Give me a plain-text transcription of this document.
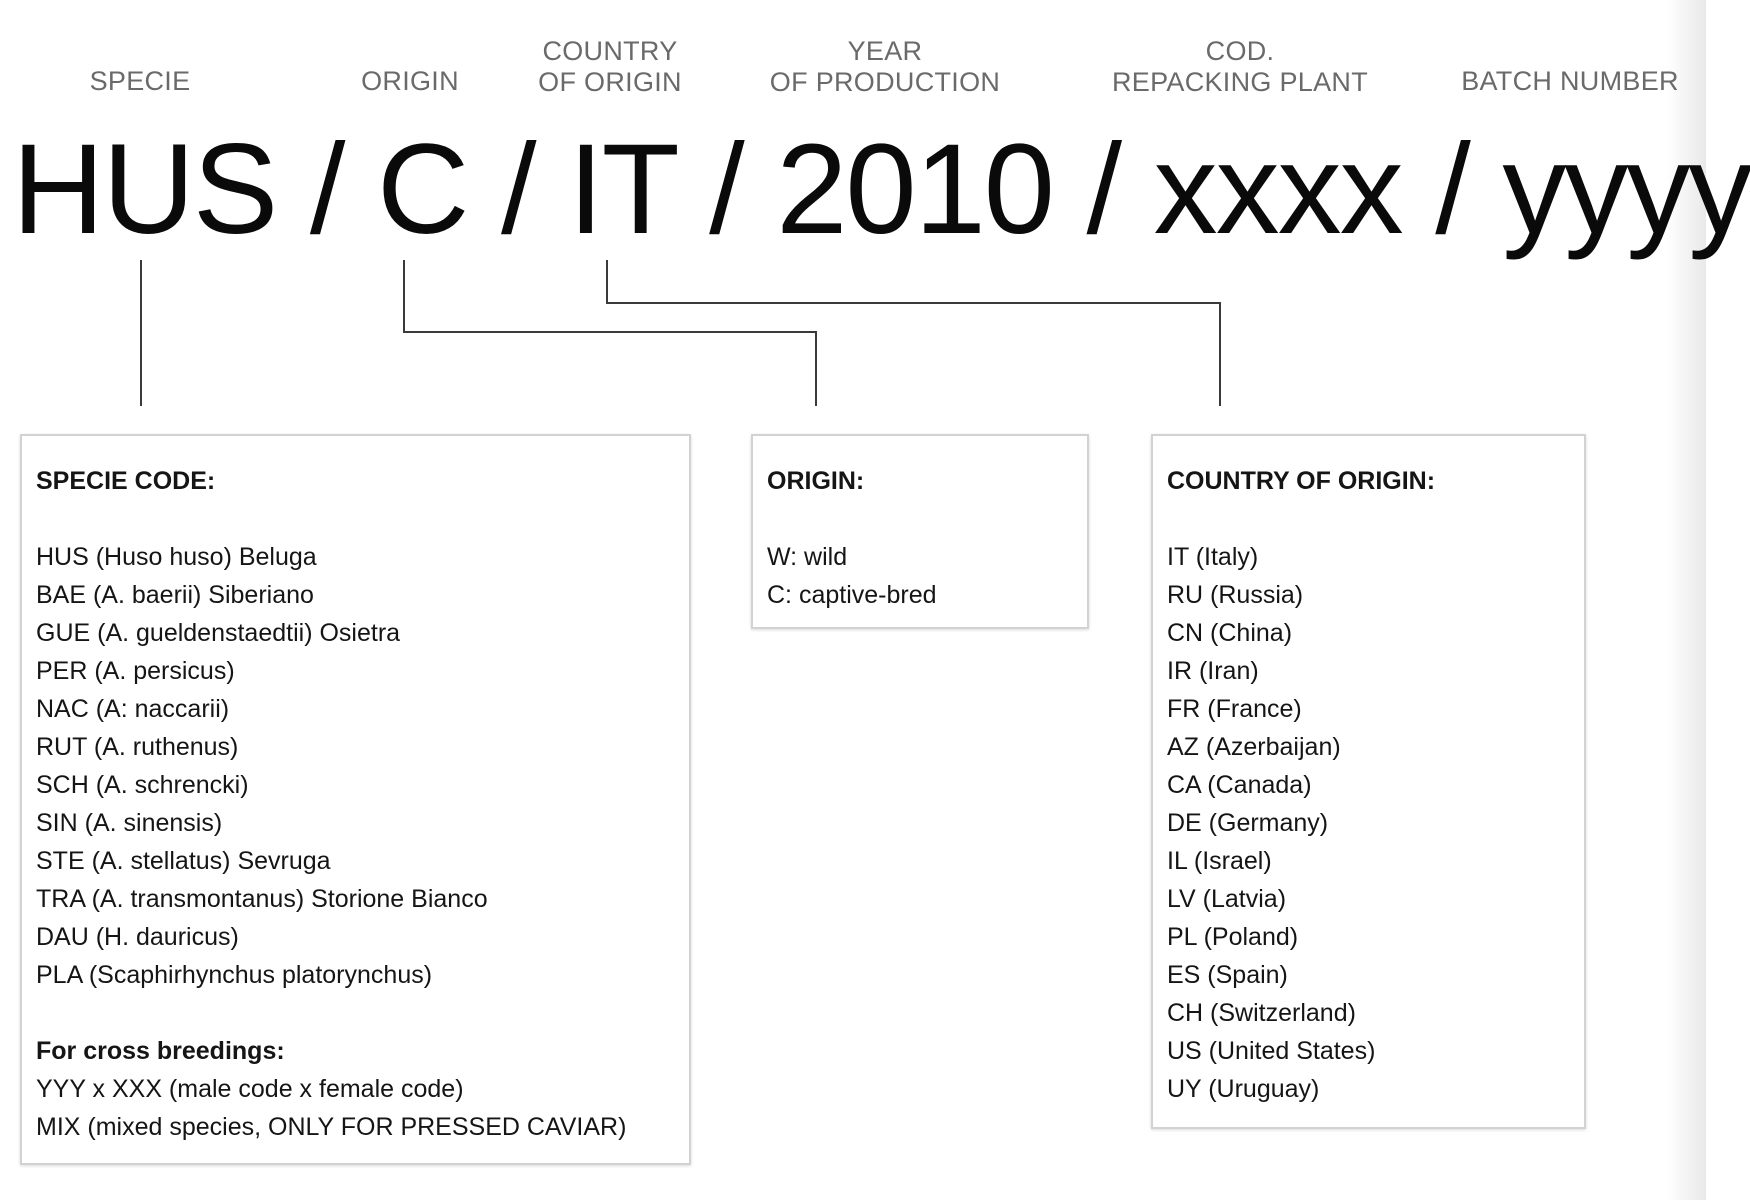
SPECIE	ORIGIN
COUNTRY
OF ORIGIN
YEAR
OF PRODUCTION
COD.
REPACKING PLANT	BATCH NUMBER
HUS / C / IT / 2010 / xxxx / yyyy
SPECIE CODE:
HUS (Huso huso) Beluga
BAE (A. baerii) Siberiano
GUE (A. gueldenstaedtii) Osietra
PER (A. persicus)
NAC (A: naccarii)
RUT (A. ruthenus)
SCH (A. schrencki)
SIN (A. sinensis)
STE (A. stellatus) Sevruga
TRA (A. transmontanus) Storione Bianco
DAU (H. dauricus)
PLA (Scaphirhynchus platorynchus)
For cross breedings:
YYY x XXX (male code x female code)
MIX (mixed species, ONLY FOR PRESSED CAVIAR)
ORIGIN:
W: wild
C: captive-bred
COUNTRY OF ORIGIN:
IT (Italy)
RU (Russia)
CN (China)
IR (Iran)
FR (France)
AZ (Azerbaijan)
CA (Canada)
DE (Germany)
IL (Israel)
LV (Latvia)
PL (Poland)
ES (Spain)
CH (Switzerland)
US (United States)
UY (Uruguay)
